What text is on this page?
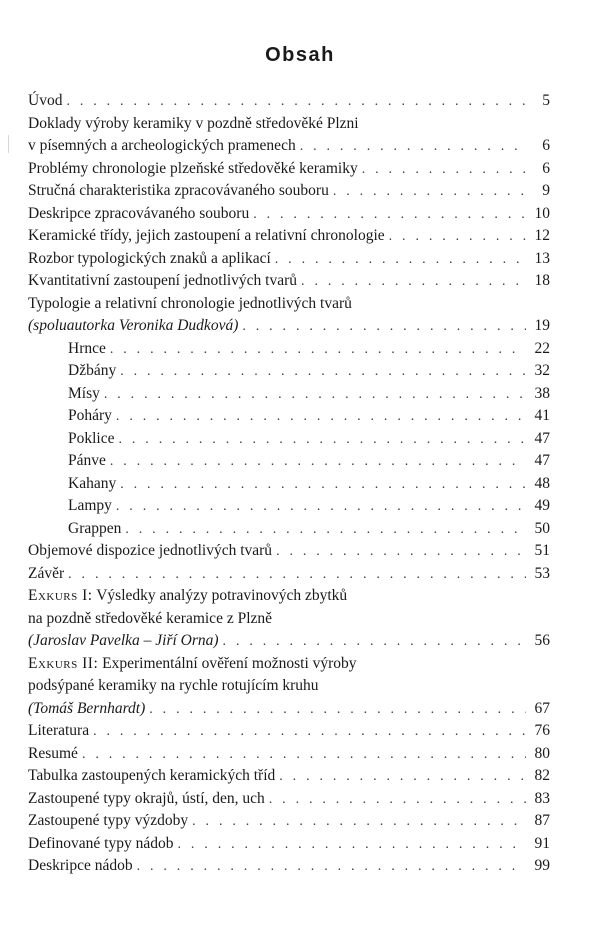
Obsah
Úvod . . .	5
Doklady výroby keramiky v pozdně středověké Plzni
v písemných a archeologických pramenech . . .	6
Problémy chronologie plzeňské středověké keramiky . . .	6
Stručná charakteristika zpracovávaného souboru . . .	9
Deskripce zpracovávaného souboru . . .	10
Keramické třídy, jejich zastoupení a relativní chronologie . . .	12
Rozbor typologických znaků a aplikací . . .	13
Kvantitativní zastoupení jednotlivých tvarů . . .	18
Typologie a relativní chronologie jednotlivých tvarů
(spoluautorka Veronika Dudková) . . .	19
Hrnce . . .	22
Džbány . . .	32
Mísy . . .	38
Poháry . . .	41
Poklice . . .	47
Pánve . . .	47
Kahany . . .	48
Lampy . . .	49
Grappen . . .	50
Objemové dispozice jednotlivých tvarů . . .	51
Závěr . . .	53
Exkurs I: Výsledky analýzy potravinových zbytků
na pozdně středověké keramice z Plzně
(Jaroslav Pavelka – Jiří Orna) . . .	56
Exkurs II: Experimentální ověření možnosti výroby
podsýpané keramiky na rychle rotujícím kruhu
(Tomáš Bernhardt) . . .	67
Literatura . . .	76
Resumé . . .	80
Tabulka zastoupených keramických tříd . . .	82
Zastoupené typy okrajů, ústí, den, uch . . .	83
Zastoupené typy výzdoby . . .	87
Definované typy nádob . . .	91
Deskripce nádob . . .	99
